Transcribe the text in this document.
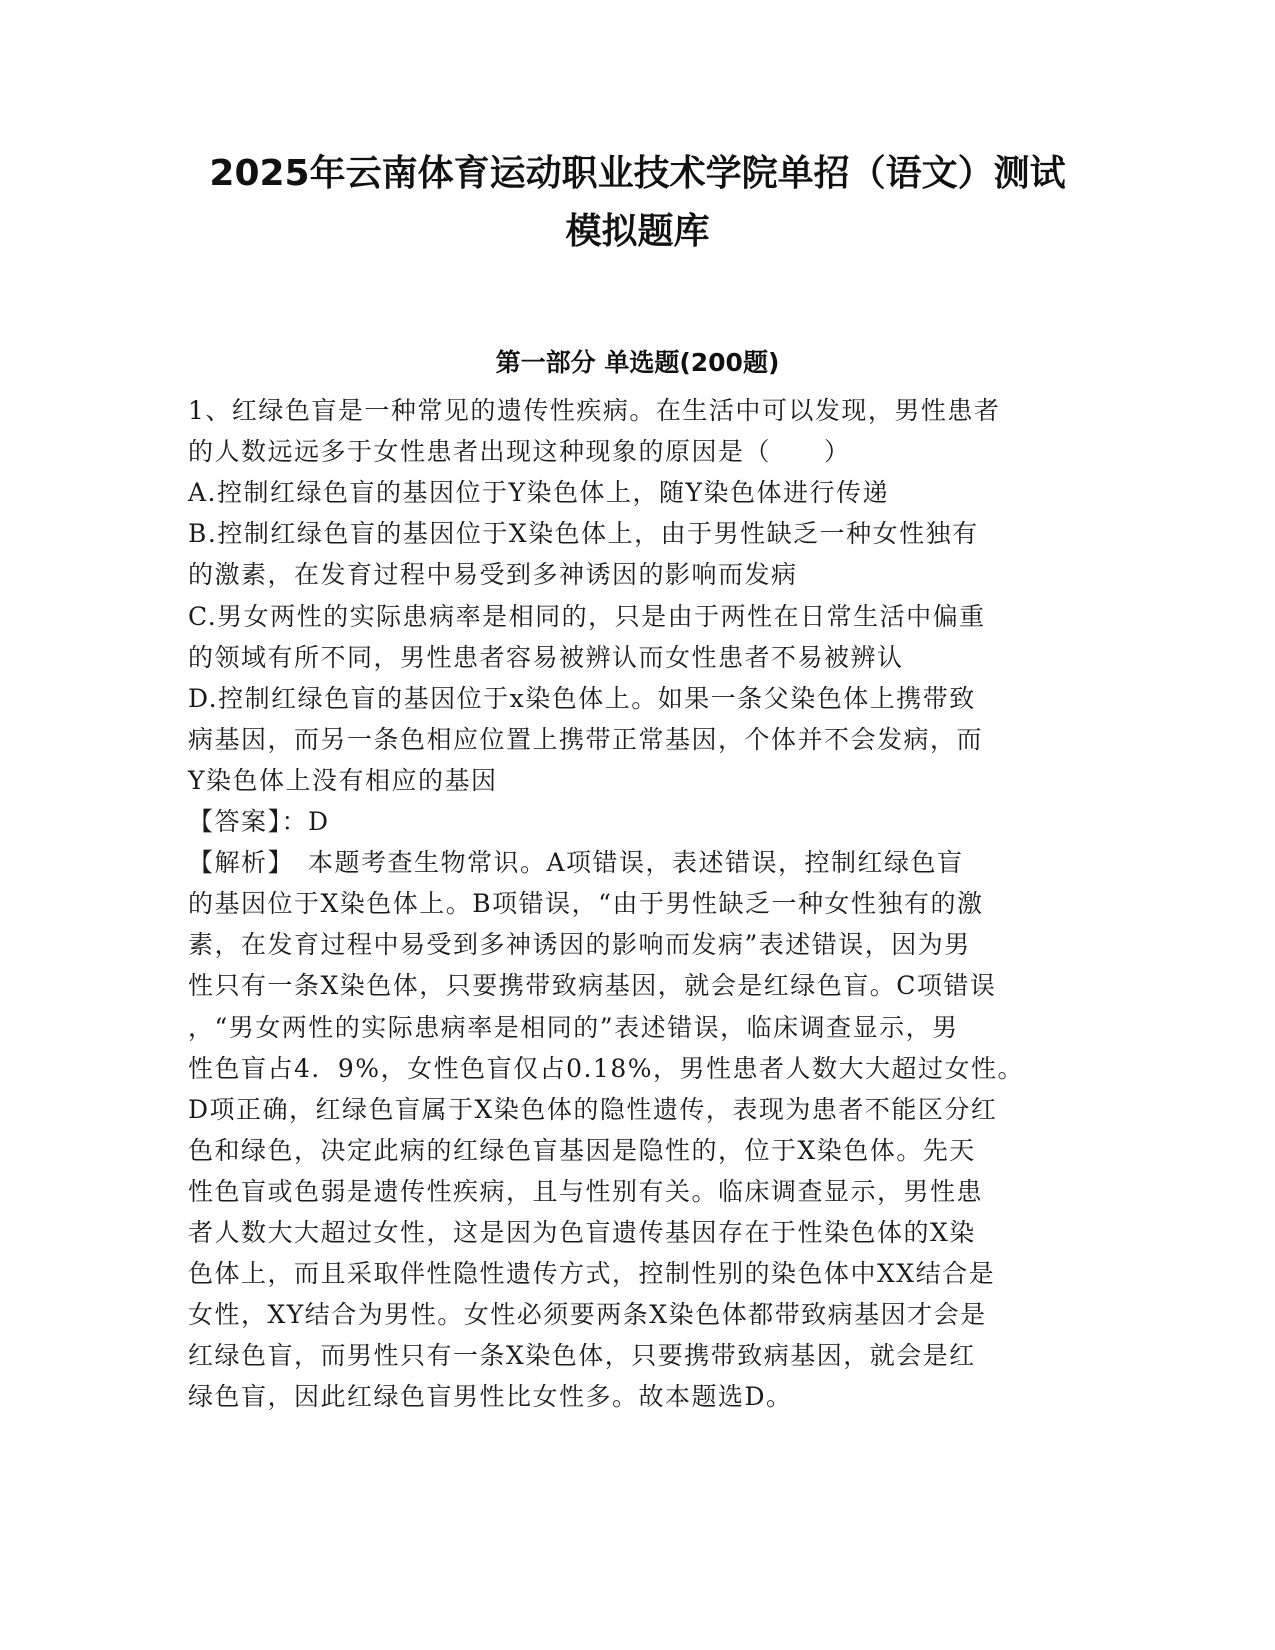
2025年云南体育运动职业技术学院单招（语文）测试
模拟题库
第一部分 单选题(200题)
1、红绿色盲是一种常见的遗传性疾病。在生活中可以发现，男性患者
的人数远远多于女性患者出现这种现象的原因是（　　）
A.控制红绿色盲的基因位于Y染色体上，随Y染色体进行传递
B.控制红绿色盲的基因位于X染色体上，由于男性缺乏一种女性独有
的激素，在发育过程中易受到多神诱因的影响而发病
C.男女两性的实际患病率是相同的，只是由于两性在日常生活中偏重
的领域有所不同，男性患者容易被辨认而女性患者不易被辨认
D.控制红绿色盲的基因位于x染色体上。如果一条父染色体上携带致
病基因，而另一条色相应位置上携带正常基因，个体并不会发病，而
Y染色体上没有相应的基因
【答案】：D
【解析】　本题考查生物常识。A项错误，表述错误，控制红绿色盲
的基因位于X染色体上。B项错误，“由于男性缺乏一种女性独有的激
素，在发育过程中易受到多神诱因的影响而发病”表述错误，因为男
性只有一条X染色体，只要携带致病基因，就会是红绿色盲。C项错误
，“男女两性的实际患病率是相同的”表述错误，临床调查显示，男
性色盲占4．9%，女性色盲仅占0.18%，男性患者人数大大超过女性。
D项正确，红绿色盲属于X染色体的隐性遗传，表现为患者不能区分红
色和绿色，决定此病的红绿色盲基因是隐性的，位于X染色体。先天
性色盲或色弱是遗传性疾病，且与性别有关。临床调查显示，男性患
者人数大大超过女性，这是因为色盲遗传基因存在于性染色体的X染
色体上，而且采取伴性隐性遗传方式，控制性别的染色体中XX结合是
女性，XY结合为男性。女性必须要两条X染色体都带致病基因才会是
红绿色盲，而男性只有一条X染色体，只要携带致病基因，就会是红
绿色盲，因此红绿色盲男性比女性多。故本题选D。
